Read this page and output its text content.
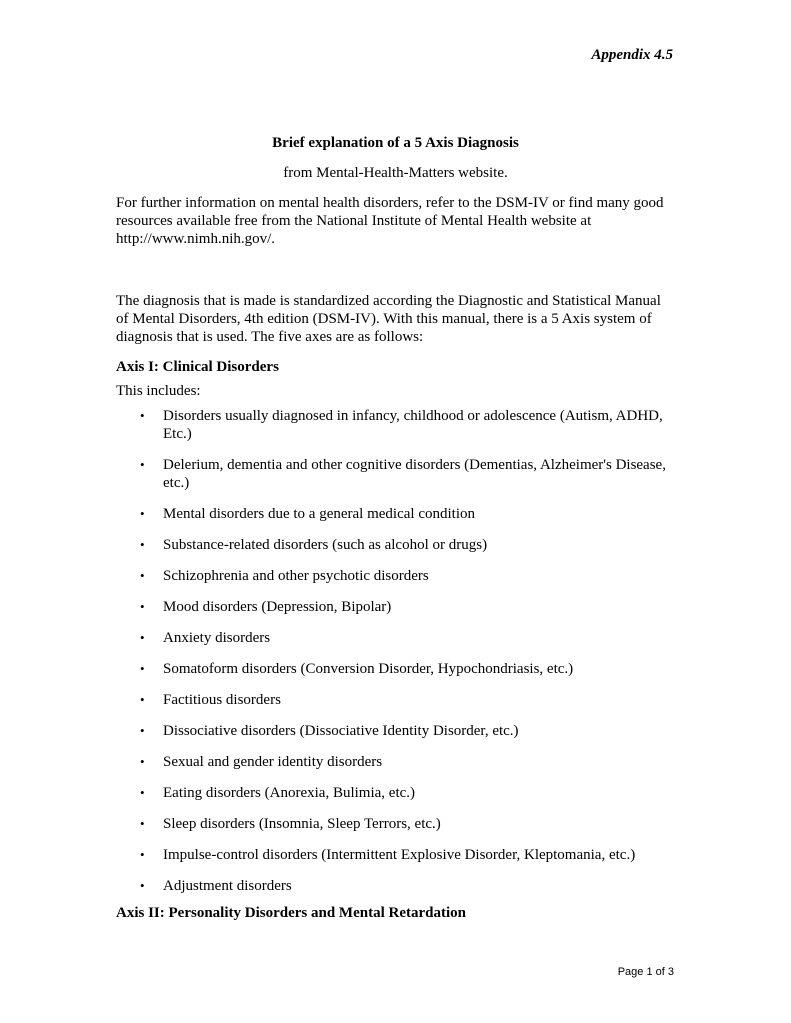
Appendix 4.5
Brief explanation of a 5 Axis Diagnosis
from Mental-Health-Matters website.

For further information on mental health disorders, refer to the DSM-IV or find many good resources available free from the National Institute of Mental Health website at http://www.nimh.nih.gov/.

The diagnosis that is made is standardized according the Diagnostic and Statistical Manual of Mental Disorders, 4th edition (DSM-IV). With this manual, there is a 5 Axis system of diagnosis that is used. The five axes are as follows:

Axis I: Clinical Disorders
This includes:
• Disorders usually diagnosed in infancy, childhood or adolescence (Autism, ADHD, Etc.)
• Delerium, dementia and other cognitive disorders (Dementias, Alzheimer's Disease, etc.)
• Mental disorders due to a general medical condition
• Substance-related disorders (such as alcohol or drugs)
• Schizophrenia and other psychotic disorders
• Mood disorders (Depression, Bipolar)
• Anxiety disorders
• Somatoform disorders (Conversion Disorder, Hypochondriasis, etc.)
• Factitious disorders
• Dissociative disorders (Dissociative Identity Disorder, etc.)
• Sexual and gender identity disorders
• Eating disorders (Anorexia, Bulimia, etc.)
• Sleep disorders (Insomnia, Sleep Terrors, etc.)
• Impulse-control disorders (Intermittent Explosive Disorder, Kleptomania, etc.)
• Adjustment disorders
Axis II: Personality Disorders and Mental Retardation
Page 1 of 3
